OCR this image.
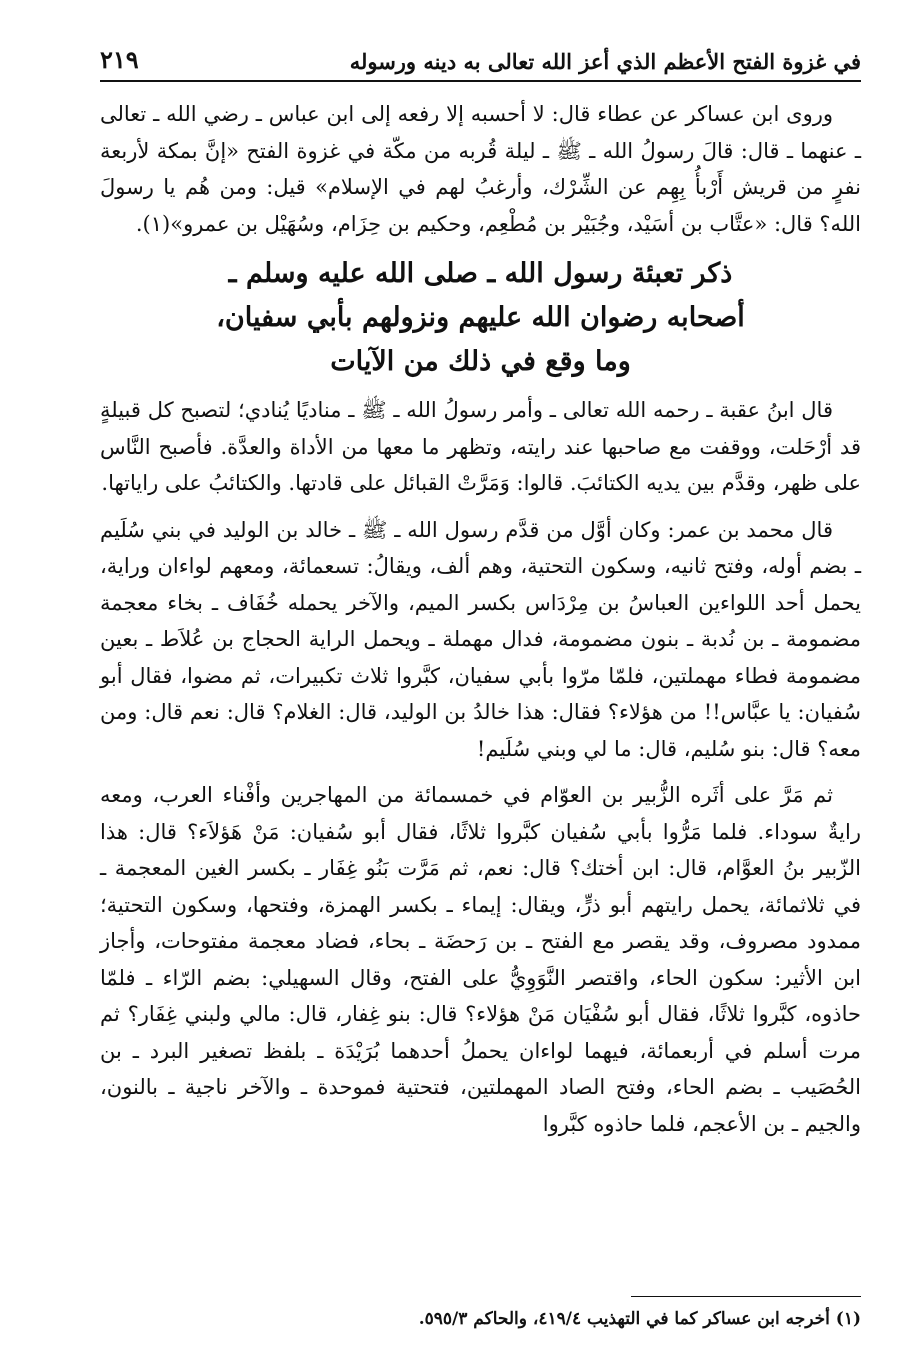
في غزوة الفتح الأعظم الذي أعز الله تعالى به دينه ورسوله
٢١٩

وروى ابن عساكر عن عطاء قال: لا أحسبه إلا رفعه إلى ابن عباس ـ رضي الله ـ تعالى ـ عنهما ـ قال: قالَ رسولُ الله ـ ﷺ ـ ليلة قُربه من مكّة في غزوة الفتح «إنَّ بمكة لأربعة نفرٍ من قريش أَرْبأُ بِهِم عن الشِّرْك، وأرغبُ لهم في الإسلام» قيل: ومن هُم يا رسولَ الله؟ قال: «عتَّاب بن أسَيْد، وجُبَيْر بن مُطْعِم، وحكيم بن حِزَام، وسُهَيْل بن عمرو»(١).

ذكر تعبئة رسول الله ـ صلى الله عليه وسلم ـ

أصحابه رضوان الله عليهم ونزولهم بأبي سفيان،

وما وقع في ذلك من الآيات

قال ابنُ عقبة ـ رحمه الله تعالى ـ وأمر رسولُ الله ـ ﷺ ـ مناديًا يُنادي؛ لتصبح كل قبيلةٍ قد أرْحَلت، ووقفت مع صاحبها عند رايته، وتظهر ما معها من الأداة والعدَّة. فأصبح النَّاس على ظهر، وقدَّم بين يديه الكتائبَ. قالوا: وَمَرَّتْ القبائل على قادتها. والكتائبُ على راياتها.

قال محمد بن عمر: وكان أوَّل من قدَّم رسول الله ـ ﷺ ـ خالد بن الوليد في بني سُلَيم ـ بضم أوله، وفتح ثانيه، وسكون التحتية، وهم ألف، ويقالُ: تسعمائة، ومعهم لواءان وراية، يحمل أحد اللواءين العباسُ بن مِرْدَاس بكسر الميم، والآخر يحمله خُفَاف ـ بخاء معجمة مضمومة ـ بن نُدبة ـ بنون مضمومة، فدال مهملة ـ ويحمل الراية الحجاج بن عُلاَط ـ بعين مضمومة فطاء مهملتين، فلمّا مرّوا بأبي سفيان، كبَّروا ثلاث تكبيرات، ثم مضوا، فقال أبو سُفيان: يا عبَّاس!! من هؤلاء؟ فقال: هذا خالدُ بن الوليد، قال: الغلام؟ قال: نعم قال: ومن معه؟ قال: بنو سُليم، قال: ما لي وبني سُلَيم!

ثم مَرَّ على أثَره الزُّبير بن العوّام في خمسمائة من المهاجرين وأفْناء العرب، ومعه رايةٌ سوداء. فلما مَرُّوا بأبي سُفيان كبَّروا ثلاثًا، فقال أبو سُفيان: مَنْ هَؤلاَء؟ قال: هذا الزّبير بنُ العوَّام، قال: ابن أختك؟ قال: نعم، ثم مَرَّت بَنُو غِفَار ـ بكسر الغين المعجمة ـ في ثلاثمائة، يحمل رايتهم أبو ذرٍّ، ويقال: إيماء ـ بكسر الهمزة، وفتحها، وسكون التحتية؛ ممدود مصروف، وقد يقصر مع الفتح ـ بن رَحضَة ـ بحاء، فضاد معجمة مفتوحات، وأجاز ابن الأثير: سكون الحاء، واقتصر النَّوَوِيُّ على الفتح، وقال السهيلي: بضم الرّاء ـ فلمّا حاذوه، كبَّروا ثلاثًا، فقال أبو سُفْيَان مَنْ هؤلاء؟ قال: بنو غِفار، قال: مالي ولبني غِفَار؟ ثم مرت أسلم في أربعمائة، فيهما لواءان يحملُ أحدهما بُرَيْدَة ـ بلفظ تصغير البرد ـ بن الحُصَيب ـ بضم الحاء، وفتح الصاد المهملتين، فتحتية فموحدة ـ والآخر ناجية ـ بالنون، والجيم ـ بن الأعجم، فلما حاذوه كبَّروا

(١) أخرجه ابن عساكر كما في التهذيب ٤١٩/٤، والحاكم ٥٩٥/٣.
